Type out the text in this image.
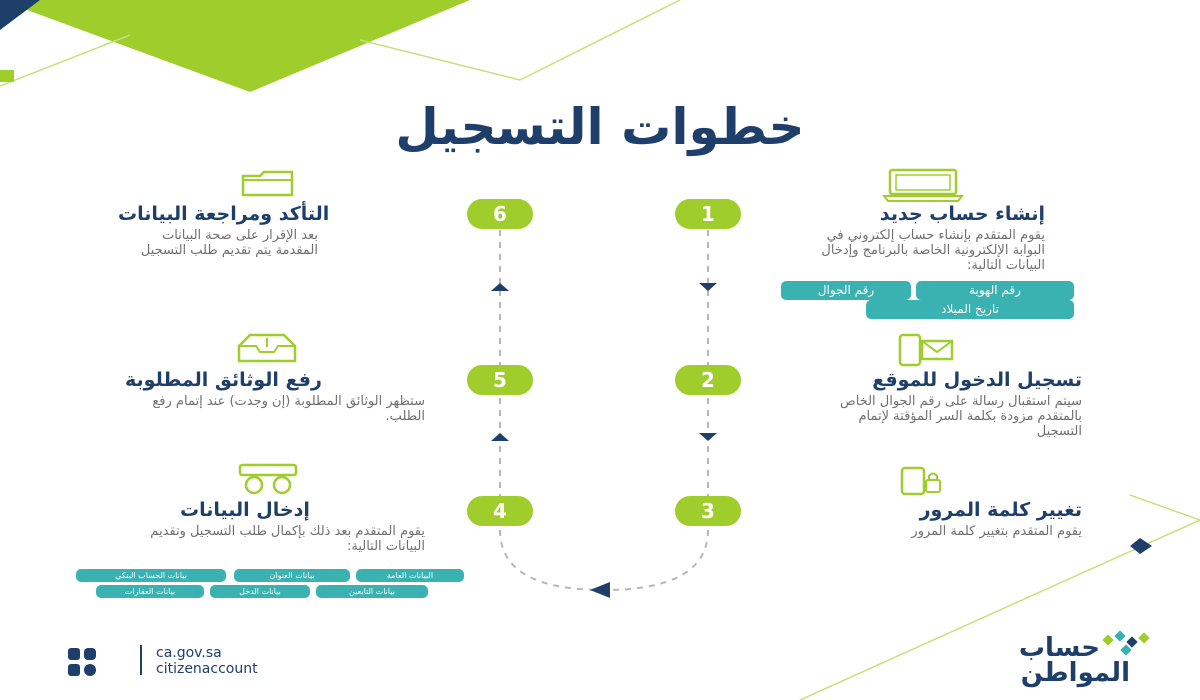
خطوات التسجيل
1
2
3
4
5
6	إنشاء حساب جديد
يقوم المتقدم بإنشاء حساب إلكتروني في البوابة الإلكترونية الخاصة بالبرنامج وإدخال البيانات التالية:
رقم الهوية
رقم الجوال
تاريخ الميلاد
تسجيل الدخول للموقع
سيتم استقبال رسالة على رقم الجوال الخاص بالمتقدم مزودة بكلمة السر المؤقتة لإتمام التسجيل
تغيير كلمة المرور
يقوم المتقدم بتغيير كلمة المرور
التأكد ومراجعة البيانات
بعد الإقرار على صحة البيانات المقدمة يتم تقديم طلب التسجيل
رفع الوثائق المطلوبة
ستظهر الوثائق المطلوبة (إن وجدت) عند إتمام رفع الطلب.
إدخال البيانات
يقوم المتقدم بعد ذلك بإكمال طلب التسجيل وتقديم البيانات التالية:
البيانات العامة
بيانات العنوان
بيانات الحساب البنكي
بيانات التابعين
بيانات الدخل
بيانات العقارات
ca.gov.sa
citizenaccount
حساب
المواطن
